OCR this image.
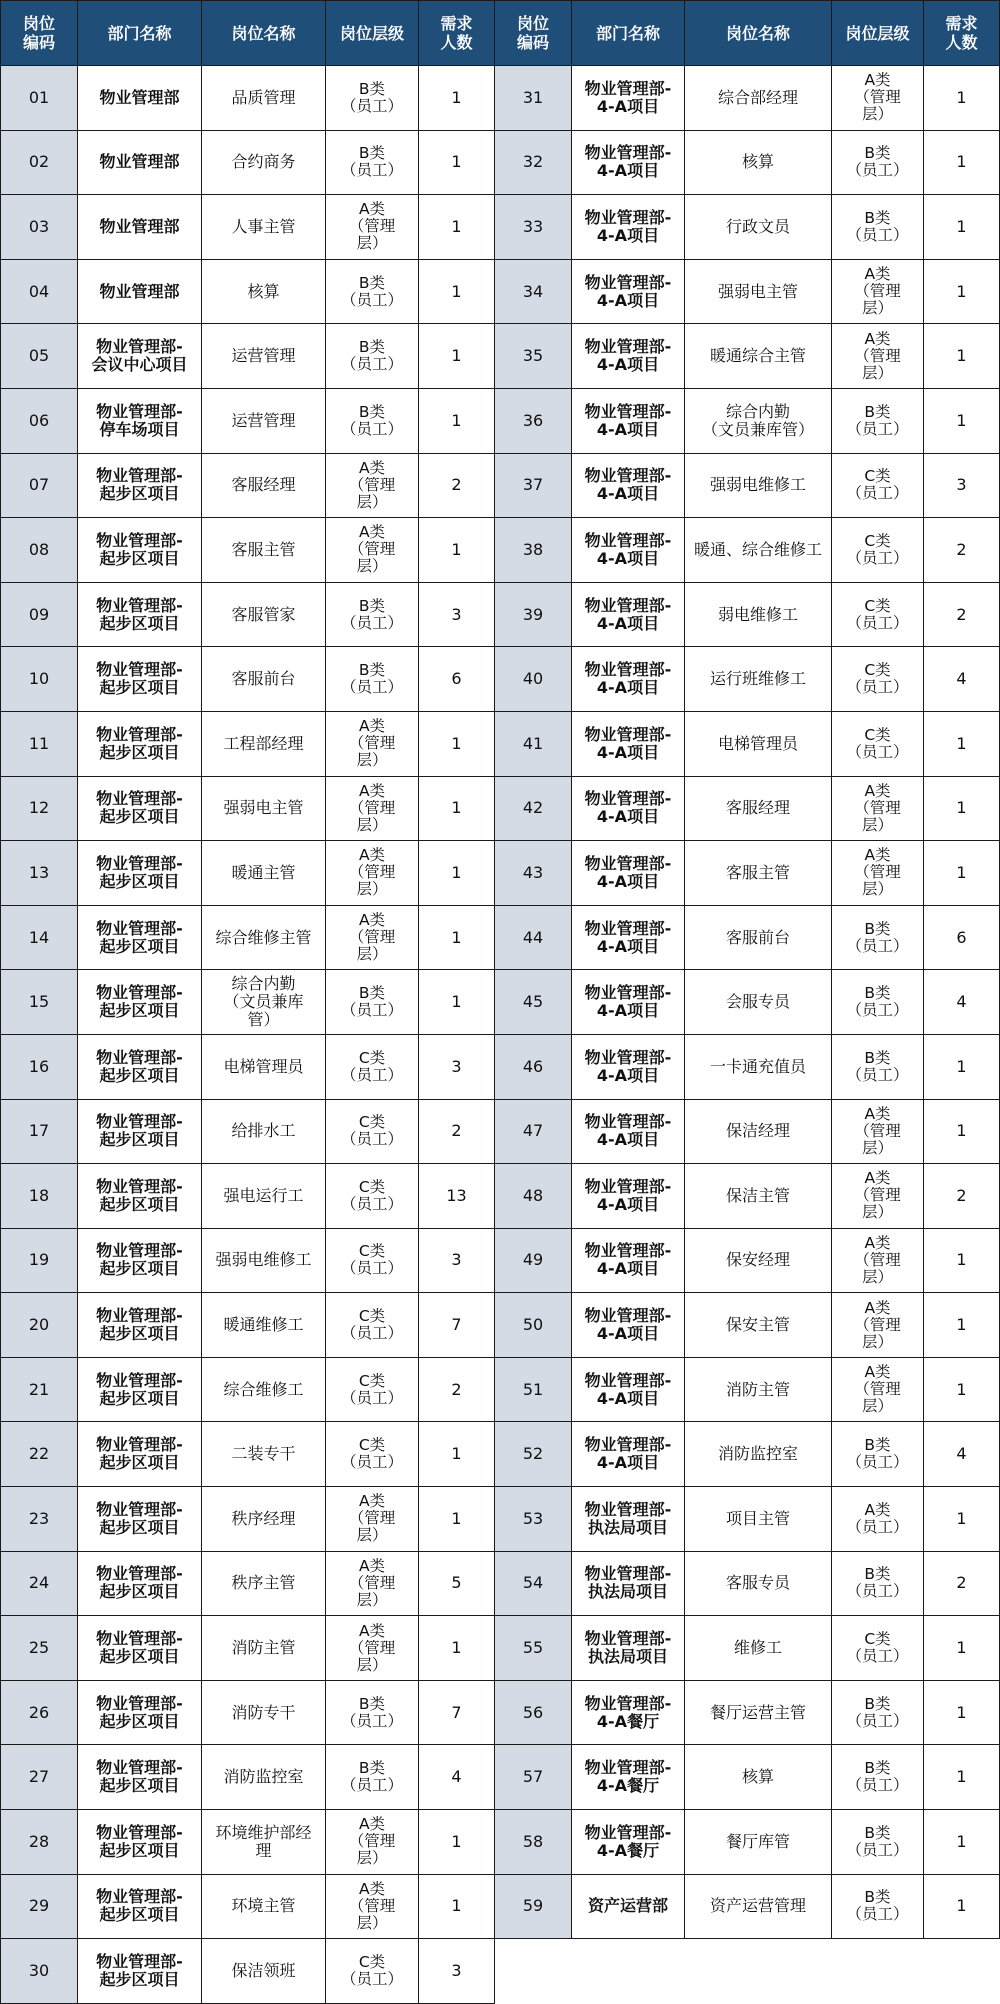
岗位
编码	部门名称	岗位名称	岗位层级	需求
人数	岗位
编码	部门名称	岗位名称	岗位层级	需求
人数
01	物业管理部	品质管理	B类
（员工）	1	31	物业管理部-
4-A项目	综合部经理	A类
（管理
层）	1
02	物业管理部	合约商务	B类
（员工）	1	32	物业管理部-
4-A项目	核算	B类
（员工）	1
03	物业管理部	人事主管	A类
（管理
层）	1	33	物业管理部-
4-A项目	行政文员	B类
（员工）	1
04	物业管理部	核算	B类
（员工）	1	34	物业管理部-
4-A项目	强弱电主管	A类
（管理
层）	1
05	物业管理部-
会议中心项目	运营管理	B类
（员工）	1	35	物业管理部-
4-A项目	暖通综合主管	A类
（管理
层）	1
06	物业管理部-
停车场项目	运营管理	B类
（员工）	1	36	物业管理部-
4-A项目	综合内勤
（文员兼库管）	B类
（员工）	1
07	物业管理部-
起步区项目	客服经理	A类
（管理
层）	2	37	物业管理部-
4-A项目	强弱电维修工	C类
（员工）	3
08	物业管理部-
起步区项目	客服主管	A类
（管理
层）	1	38	物业管理部-
4-A项目	暖通、综合维修工	C类
（员工）	2
09	物业管理部-
起步区项目	客服管家	B类
（员工）	3	39	物业管理部-
4-A项目	弱电维修工	C类
（员工）	2
10	物业管理部-
起步区项目	客服前台	B类
（员工）	6	40	物业管理部-
4-A项目	运行班维修工	C类
（员工）	4
11	物业管理部-
起步区项目	工程部经理	A类
（管理
层）	1	41	物业管理部-
4-A项目	电梯管理员	C类
（员工）	1
12	物业管理部-
起步区项目	强弱电主管	A类
（管理
层）	1	42	物业管理部-
4-A项目	客服经理	A类
（管理
层）	1
13	物业管理部-
起步区项目	暖通主管	A类
（管理
层）	1	43	物业管理部-
4-A项目	客服主管	A类
（管理
层）	1
14	物业管理部-
起步区项目	综合维修主管	A类
（管理
层）	1	44	物业管理部-
4-A项目	客服前台	B类
（员工）	6
15	物业管理部-
起步区项目	综合内勤
（文员兼库
管）	B类
（员工）	1	45	物业管理部-
4-A项目	会服专员	B类
（员工）	4
16	物业管理部-
起步区项目	电梯管理员	C类
（员工）	3	46	物业管理部-
4-A项目	一卡通充值员	B类
（员工）	1
17	物业管理部-
起步区项目	给排水工	C类
（员工）	2	47	物业管理部-
4-A项目	保洁经理	A类
（管理
层）	1
18	物业管理部-
起步区项目	强电运行工	C类
（员工）	13	48	物业管理部-
4-A项目	保洁主管	A类
（管理
层）	2
19	物业管理部-
起步区项目	强弱电维修工	C类
（员工）	3	49	物业管理部-
4-A项目	保安经理	A类
（管理
层）	1
20	物业管理部-
起步区项目	暖通维修工	C类
（员工）	7	50	物业管理部-
4-A项目	保安主管	A类
（管理
层）	1
21	物业管理部-
起步区项目	综合维修工	C类
（员工）	2	51	物业管理部-
4-A项目	消防主管	A类
（管理
层）	1
22	物业管理部-
起步区项目	二装专干	C类
（员工）	1	52	物业管理部-
4-A项目	消防监控室	B类
（员工）	4
23	物业管理部-
起步区项目	秩序经理	A类
（管理
层）	1	53	物业管理部-
执法局项目	项目主管	A类
（员工）	1
24	物业管理部-
起步区项目	秩序主管	A类
（管理
层）	5	54	物业管理部-
执法局项目	客服专员	B类
（员工）	2
25	物业管理部-
起步区项目	消防主管	A类
（管理
层）	1	55	物业管理部-
执法局项目	维修工	C类
（员工）	1
26	物业管理部-
起步区项目	消防专干	B类
（员工）	7	56	物业管理部-
4-A餐厅	餐厅运营主管	B类
（员工）	1
27	物业管理部-
起步区项目	消防监控室	B类
（员工）	4	57	物业管理部-
4-A餐厅	核算	B类
（员工）	1
28	物业管理部-
起步区项目	环境维护部经
理	A类
（管理
层）	1	58	物业管理部-
4-A餐厅	餐厅库管	B类
（员工）	1
29	物业管理部-
起步区项目	环境主管	A类
（管理
层）	1	59	资产运营部	资产运营管理	B类
（员工）	1
30	物业管理部-
起步区项目	保洁领班	C类
（员工）	3					
